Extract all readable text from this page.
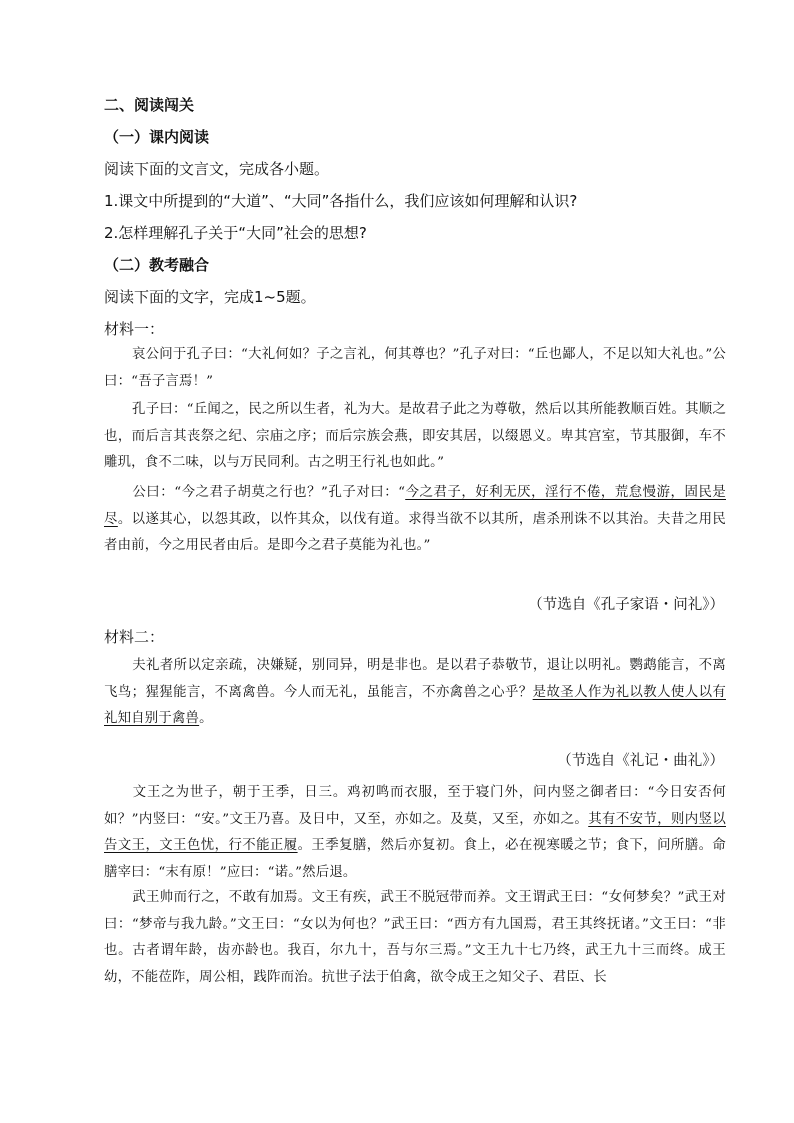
二、阅读闯关
（一）课内阅读
阅读下面的文言文，完成各小题。
1.课文中所提到的“大道”、“大同”各指什么，我们应该如何理解和认识?
2.怎样理解孔子关于“大同”社会的思想?
（二）教考融合
阅读下面的文字，完成1~5题。
材料一：
哀公问于孔子曰：“大礼何如？子之言礼，何其尊也？”孔子对曰：“丘也鄙人，不足以知大礼也。”公曰：“吾子言焉！”
孔子曰：“丘闻之，民之所以生者，礼为大。是故君子此之为尊敬，然后以其所能教顺百姓。其顺之也，而后言其丧祭之纪、宗庙之序；而后宗族会燕，即安其居，以缀恩义。卑其宫室，节其服御，车不雕玑，食不二味，以与万民同利。古之明王行礼也如此。”
公曰：“今之君子胡莫之行也？”孔子对曰：“今之君子，好利无厌，淫行不倦，荒怠慢游，固民是尽。以遂其心，以怨其政，以忤其众，以伐有道。求得当欲不以其所，虐杀刑诛不以其治。夫昔之用民者由前，今之用民者由后。是即今之君子莫能为礼也。”
（节选自《孔子家语・问礼》）
材料二：
夫礼者所以定亲疏，决嫌疑，别同异，明是非也。是以君子恭敬节，退让以明礼。鹦鹉能言，不离飞鸟；猩猩能言，不离禽兽。今人而无礼，虽能言，不亦禽兽之心乎？是故圣人作为礼以教人使人以有礼知自别于禽兽。
（节选自《礼记・曲礼》）
文王之为世子，朝于王季，日三。鸡初鸣而衣服，至于寝门外，问内竖之御者曰：“今日安否何如？”内竖曰：“安。”文王乃喜。及日中，又至，亦如之。及莫，又至，亦如之。其有不安节，则内竖以告文王，文王色忧，行不能正履。王季复膳，然后亦复初。食上，必在视寒暖之节；食下，问所膳。命膳宰曰：“末有原！”应曰：“诺。”然后退。
武王帅而行之，不敢有加焉。文王有疾，武王不脱冠带而养。文王谓武王曰：“女何梦矣？”武王对曰：“梦帝与我九龄。”文王曰：“女以为何也？”武王曰：“西方有九国焉，君王其终抚诸。”文王曰：“非也。古者谓年龄，齿亦龄也。我百，尔九十，吾与尔三焉。”文王九十七乃终，武王九十三而终。成王幼，不能莅阼，周公相，践阼而治。抗世子法于伯禽，欲令成王之知父子、君臣、长
